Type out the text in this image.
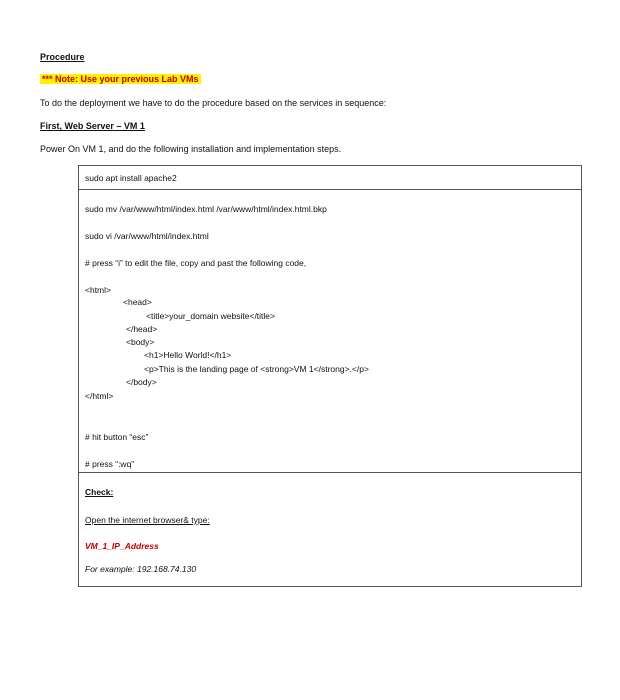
Procedure
*** Note: Use your previous Lab VMs
To do the deployment we have to do the procedure based on the services in sequence:
First, Web Server – VM 1
Power On VM 1, and do the following installation and implementation steps.
sudo apt install apache2
sudo mv /var/www/html/index.html /var/www/html/index.html.bkp
sudo vi /var/www/html/index.html
# press “i” to edit the file, copy and past the following code,
<html>
<head>
<title>your_domain website</title>
</head>
<body>
<h1>Hello World!</h1>
<p>This is the landing page of <strong>VM 1</strong>.</p>
</body>
</html>
# hit button “esc”
# press “:wq”
Check:
Open the internet browser& type:
VM_1_IP_Address
For example: 192.168.74.130
